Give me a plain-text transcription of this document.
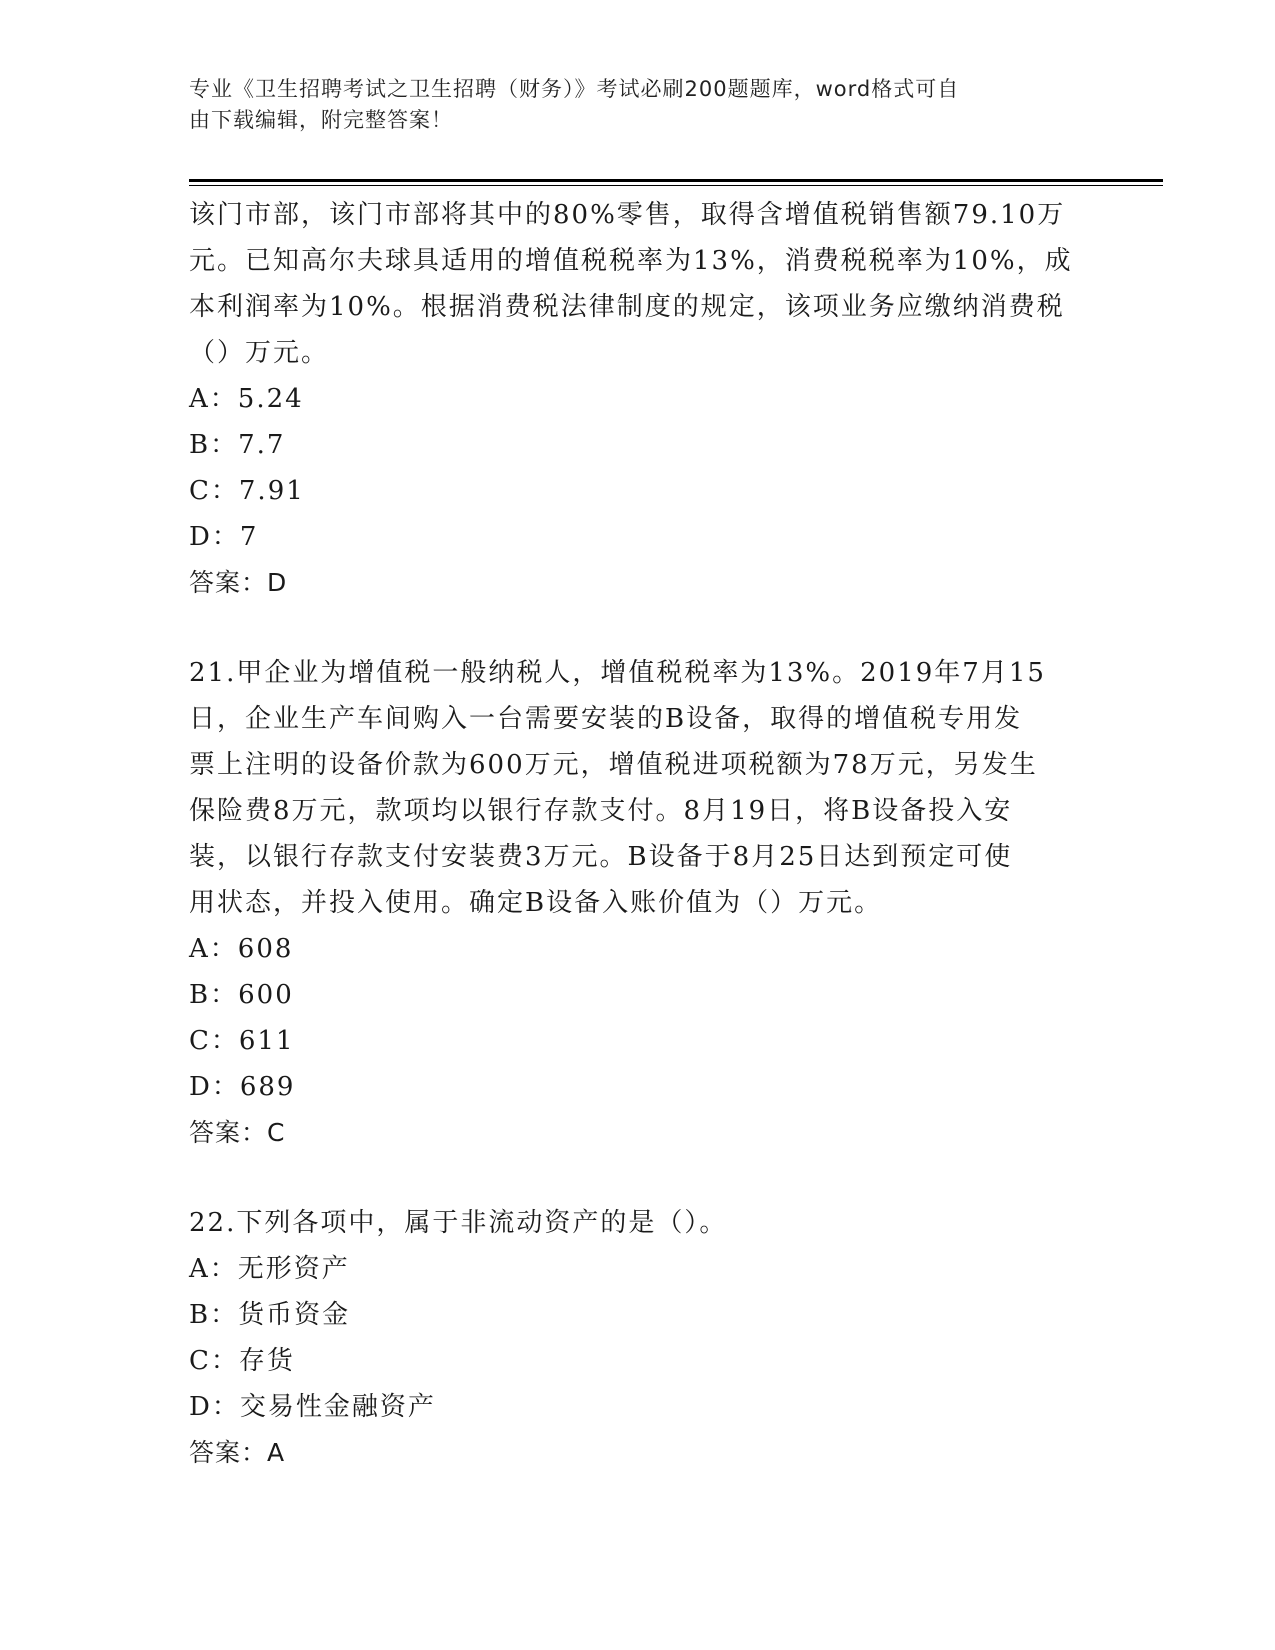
专业《卫生招聘考试之卫生招聘（财务）》考试必刷200题题库，word格式可自
由下载编辑，附完整答案！

该门市部，该门市部将其中的80%零售，取得含增值税销售额79.10万

元。已知高尔夫球具适用的增值税税率为13%，消费税税率为10%，成

本利润率为10%。根据消费税法律制度的规定，该项业务应缴纳消费税

（）万元。

A：5.24

B：7.7

C：7.91

D：7

答案：D

21.甲企业为增值税一般纳税人，增值税税率为13%。2019年7月15

日，企业生产车间购入一台需要安装的B设备，取得的增值税专用发

票上注明的设备价款为600万元，增值税进项税额为78万元，另发生

保险费8万元，款项均以银行存款支付。8月19日，将B设备投入安

装，以银行存款支付安装费3万元。B设备于8月25日达到预定可使

用状态，并投入使用。确定B设备入账价值为（）万元。

A：608

B：600

C：611

D：689

答案：C

22.下列各项中，属于非流动资产的是（）。

A：无形资产

B：货币资金

C：存货

D：交易性金融资产

答案：A
